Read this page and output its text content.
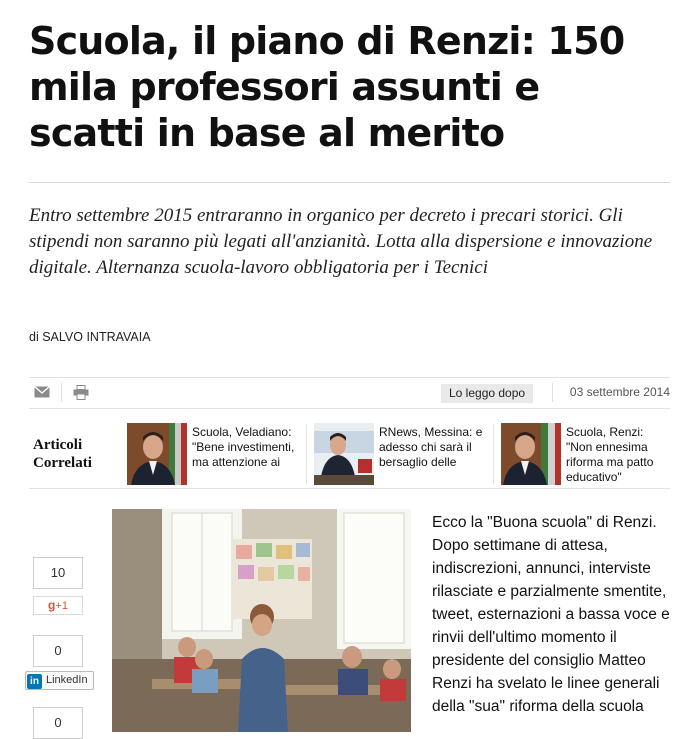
Scuola, il piano di Renzi: 150 mila professori assunti e scatti in base al merito

Entro settembre 2015 entraranno in organico per decreto i precari storici. Gli stipendi non saranno più legati all'anzianità. Lotta alla dispersione e innovazione digitale. Alternanza scuola-lavoro obbligatoria per i Tecnici

di SALVO INTRAVAIA
Lo leggo dopo	03 settembre 2014
Articoli
Correlati
Scuola, Veladiano: "Bene investimenti, ma attenzione ai
RNews, Messina: e adesso chi sarà il bersaglio delle
Scuola, Renzi: "Non ennesima riforma ma patto educativo"
10
g+1
0
in LinkedIn
0

Ecco la "Buona scuola" di Renzi. Dopo settimane di attesa, indiscrezioni, annunci, interviste rilasciate e parzialmente smentite, tweet, esternazioni a bassa voce e rinvii dell'ultimo momento il presidente del consiglio Matteo Renzi ha svelato le linee generali della "sua" riforma della scuola
